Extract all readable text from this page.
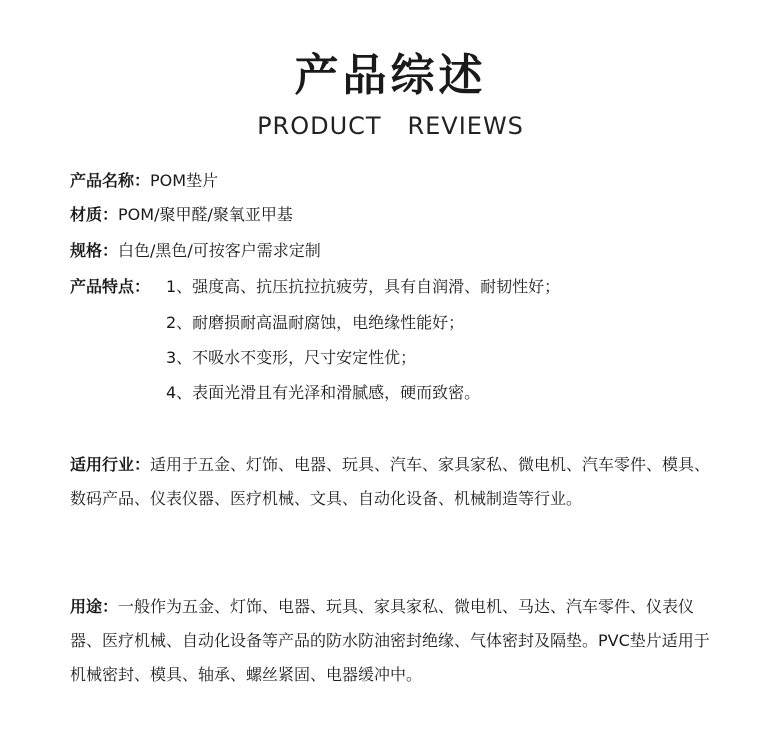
产品综述
PRODUCT   REVIEWS
产品名称：POM垫片
材质：POM/聚甲醛/聚氧亚甲基
规格：白色/黑色/可按客户需求定制
产品特点： 1、强度高、抗压抗拉抗疲劳，具有自润滑、耐韧性好；
2、耐磨损耐高温耐腐蚀，电绝缘性能好；
3、不吸水不变形，尺寸安定性优；
4、表面光滑且有光泽和滑腻感，硬而致密。
适用行业：适用于五金、灯饰、电器、玩具、汽车、家具家私、微电机、汽车零件、模具、数码产品、仪表仪器、医疗机械、文具、自动化设备、机械制造等行业。
用途：一般作为五金、灯饰、电器、玩具、家具家私、微电机、马达、汽车零件、仪表仪器、医疗机械、自动化设备等产品的防水防油密封绝缘、气体密封及隔垫。PVC垫片适用于机械密封、模具、轴承、螺丝紧固、电器缓冲中。
